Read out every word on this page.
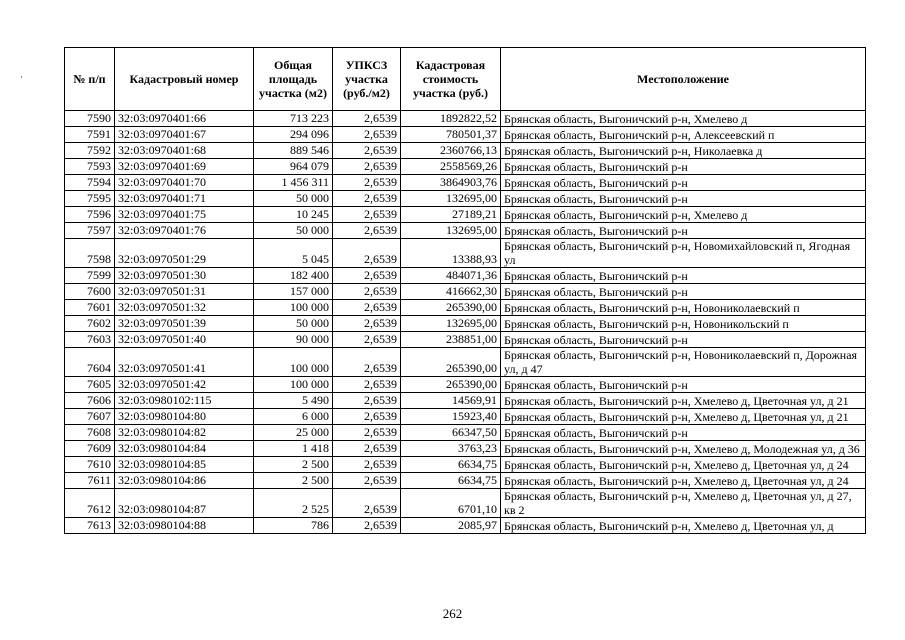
·	№ п/п	Кадастровый номер	Общая площадь участка (м2)	УПКСЗ участка (руб./м2)	Кадастровая стоимость участка (руб.)	Местоположение
7590	32:03:0970401:66	713 223	2,6539	1892822,52	Брянская область, Выгоничский р-н, Хмелево д
7591	32:03:0970401:67	294 096	2,6539	780501,37	Брянская область, Выгоничский р-н, Алексеевский п
7592	32:03:0970401:68	889 546	2,6539	2360766,13	Брянская область, Выгоничский р-н, Николаевка д
7593	32:03:0970401:69	964 079	2,6539	2558569,26	Брянская область, Выгоничский р-н
7594	32:03:0970401:70	1 456 311	2,6539	3864903,76	Брянская область, Выгоничский р-н
7595	32:03:0970401:71	50 000	2,6539	132695,00	Брянская область, Выгоничский р-н
7596	32:03:0970401:75	10 245	2,6539	27189,21	Брянская область, Выгоничский р-н, Хмелево д
7597	32:03:0970401:76	50 000	2,6539	132695,00	Брянская область, Выгоничский р-н
7598	32:03:0970501:29	5 045	2,6539	13388,93	Брянская область, Выгоничский р-н, Новомихайловский п, Ягодная ул
7599	32:03:0970501:30	182 400	2,6539	484071,36	Брянская область, Выгоничский р-н
7600	32:03:0970501:31	157 000	2,6539	416662,30	Брянская область, Выгоничский р-н
7601	32:03:0970501:32	100 000	2,6539	265390,00	Брянская область, Выгоничский р-н, Новониколаевский п
7602	32:03:0970501:39	50 000	2,6539	132695,00	Брянская область, Выгоничский р-н, Новоникольский п
7603	32:03:0970501:40	90 000	2,6539	238851,00	Брянская область, Выгоничский р-н
7604	32:03:0970501:41	100 000	2,6539	265390,00	Брянская область, Выгоничский р-н, Новониколаевский п, Дорожная ул, д 47
7605	32:03:0970501:42	100 000	2,6539	265390,00	Брянская область, Выгоничский р-н
7606	32:03:0980102:115	5 490	2,6539	14569,91	Брянская область, Выгоничский р-н, Хмелево д, Цветочная ул, д 21
7607	32:03:0980104:80	6 000	2,6539	15923,40	Брянская область, Выгоничский р-н, Хмелево д, Цветочная ул, д 21
7608	32:03:0980104:82	25 000	2,6539	66347,50	Брянская область, Выгоничский р-н
7609	32:03:0980104:84	1 418	2,6539	3763,23	Брянская область, Выгоничский р-н, Хмелево д, Молодежная ул, д 36
7610	32:03:0980104:85	2 500	2,6539	6634,75	Брянская область, Выгоничский р-н, Хмелево д, Цветочная ул, д 24
7611	32:03:0980104:86	2 500	2,6539	6634,75	Брянская область, Выгоничский р-н, Хмелево д, Цветочная ул, д 24
7612	32:03:0980104:87	2 525	2,6539	6701,10	Брянская область, Выгоничский р-н, Хмелево д, Цветочная ул, д 27, кв 2
7613	32:03:0980104:88	786	2,6539	2085,97	Брянская область, Выгоничский р-н, Хмелево д, Цветочная ул, д
262
